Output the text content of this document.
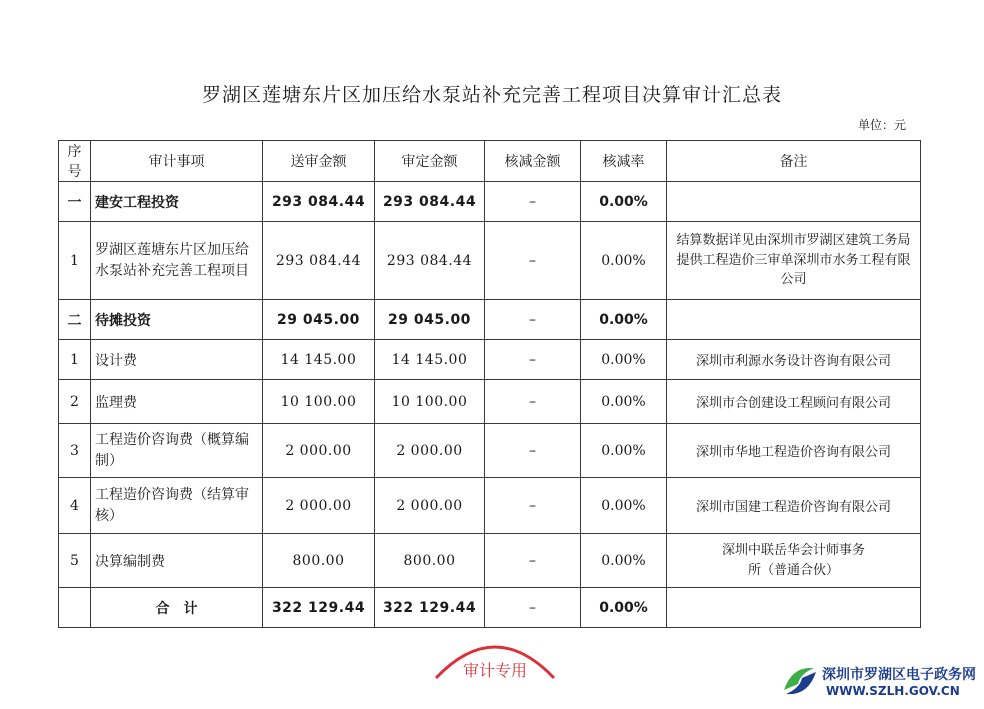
罗湖区莲塘东片区加压给水泵站补充完善工程项目决算审计汇总表
单位：元
序号	审计事项	送审金额	审定金额	核减金额	核减率	备注
一	建安工程投资	293 084.44	293 084.44	–	0.00%	
1	罗湖区莲塘东片区加压给水泵站补充完善工程项目	293 084.44	293 084.44	–	0.00%	结算数据详见由深圳市罗湖区建筑工务局提供工程造价三审单深圳市水务工程有限公司
二	待摊投资	29 045.00	29 045.00	–	0.00%	
1	设计费	14 145.00	14 145.00	–	0.00%	深圳市利源水务设计咨询有限公司
2	监理费	10 100.00	10 100.00	–	0.00%	深圳市合创建设工程顾问有限公司
3	工程造价咨询费（概算编制）	2 000.00	2 000.00	–	0.00%	深圳市华地工程造价咨询有限公司
4	工程造价咨询费（结算审核）	2 000.00	2 000.00	–	0.00%	深圳市国建工程造价咨询有限公司
5	决算编制费	800.00	800.00	–	0.00%	深圳中联岳华会计师事务所（普通合伙）
	合　计	322 129.44	322 129.44	–	0.00%	
审计专用	深圳市罗湖区电子政务网
WWW.SZLH.GOV.CN
